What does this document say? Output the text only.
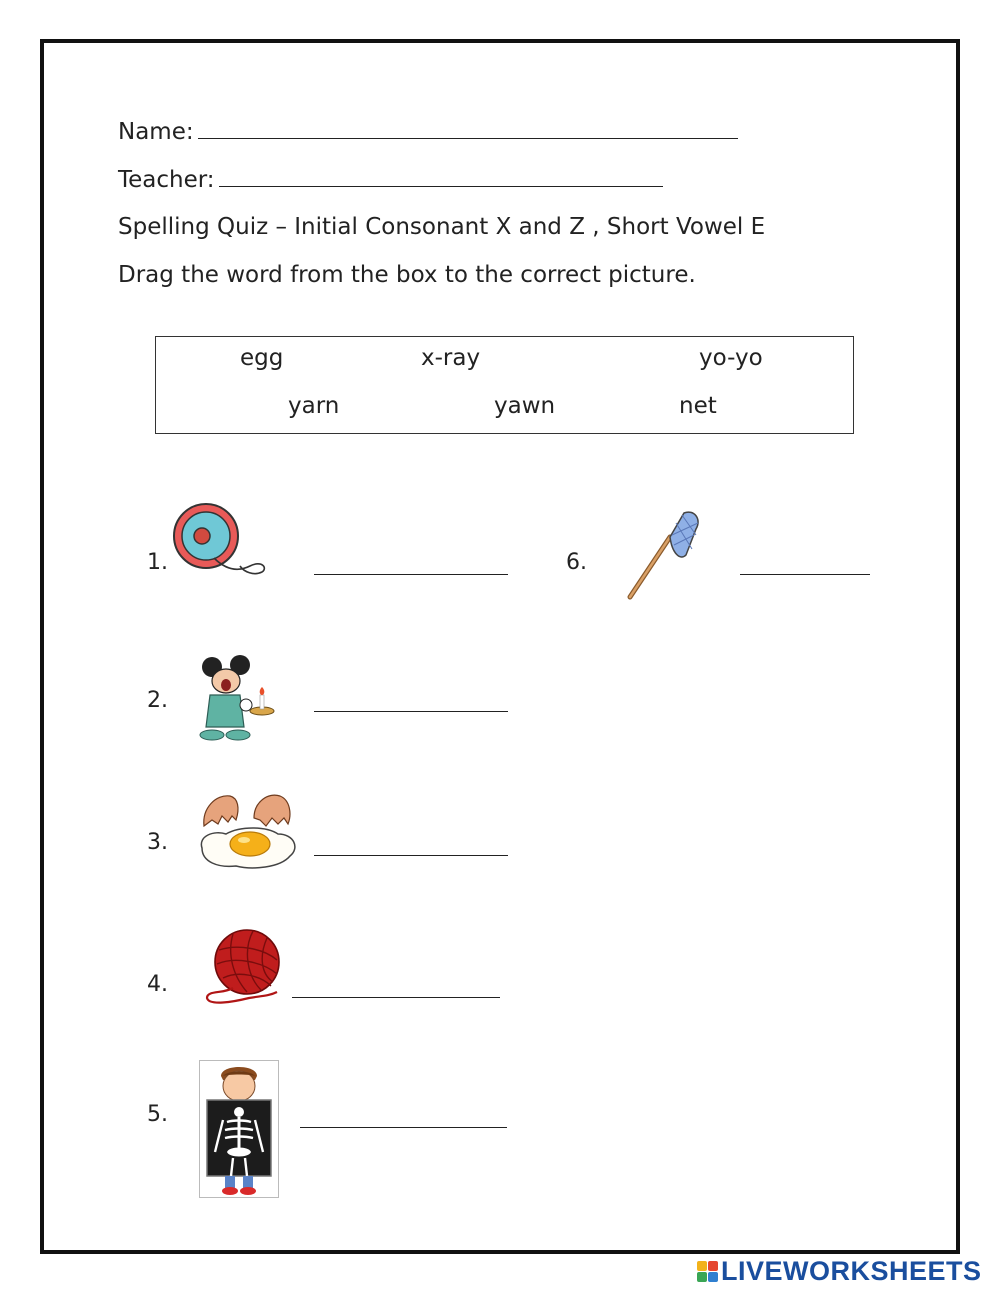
Name:
Teacher:
Spelling Quiz – Initial Consonant X and Z , Short Vowel E
Drag the word from the box to the correct picture.
egg	x-ray	yo-yo
yarn	yawn	net
1.	6.
2.
3.
4.
5.
LIVEWORKSHEETS
